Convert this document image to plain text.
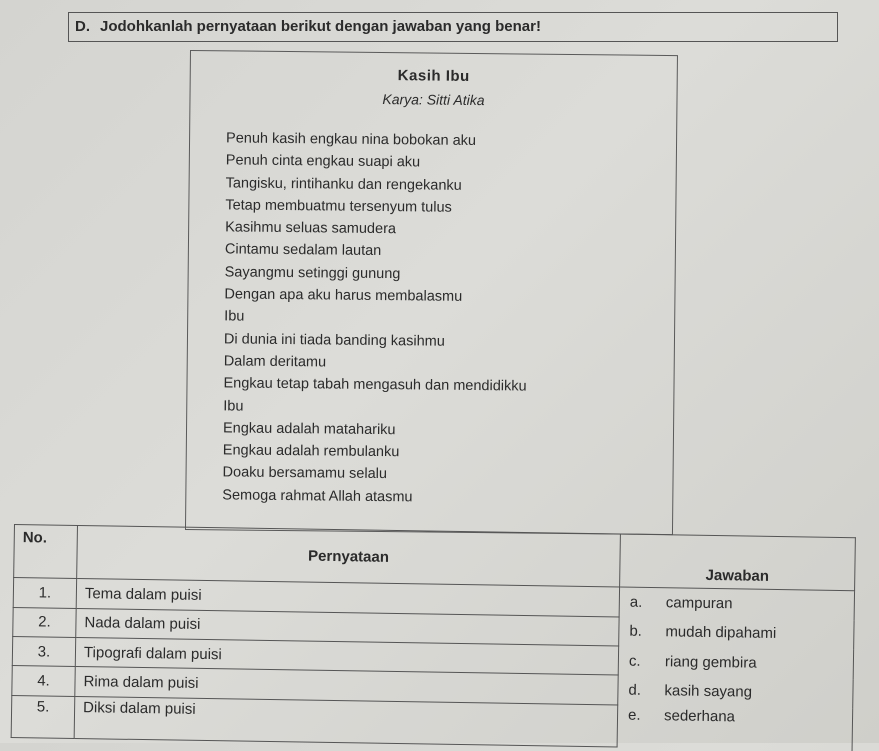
D. Jodohkanlah pernyataan berikut dengan jawaban yang benar!
Kasih Ibu
Karya: Sitti Atika
Penuh kasih engkau nina bobokan aku
Penuh cinta engkau suapi aku
Tangisku, rintihanku dan rengekanku
Tetap membuatmu tersenyum tulus
Kasihmu seluas samudera
Cintamu sedalam lautan
Sayangmu setinggi gunung
Dengan apa aku harus membalasmu
Ibu
Di dunia ini tiada banding kasihmu
Dalam deritamu
Engkau tetap tabah mengasuh dan mendidikku
Ibu
Engkau adalah matahariku
Engkau adalah rembulanku
Doaku bersamamu selalu
Semoga rahmat Allah atasmu
No.	Pernyataan	Jawaban
1.	Tema dalam puisi	a. campuran
2.	Nada dalam puisi	b. mudah dipahami
3.	Tipografi dalam puisi	c. riang gembira
4.	Rima dalam puisi	d. kasih sayang
5.	Diksi dalam puisi	e. sederhana
